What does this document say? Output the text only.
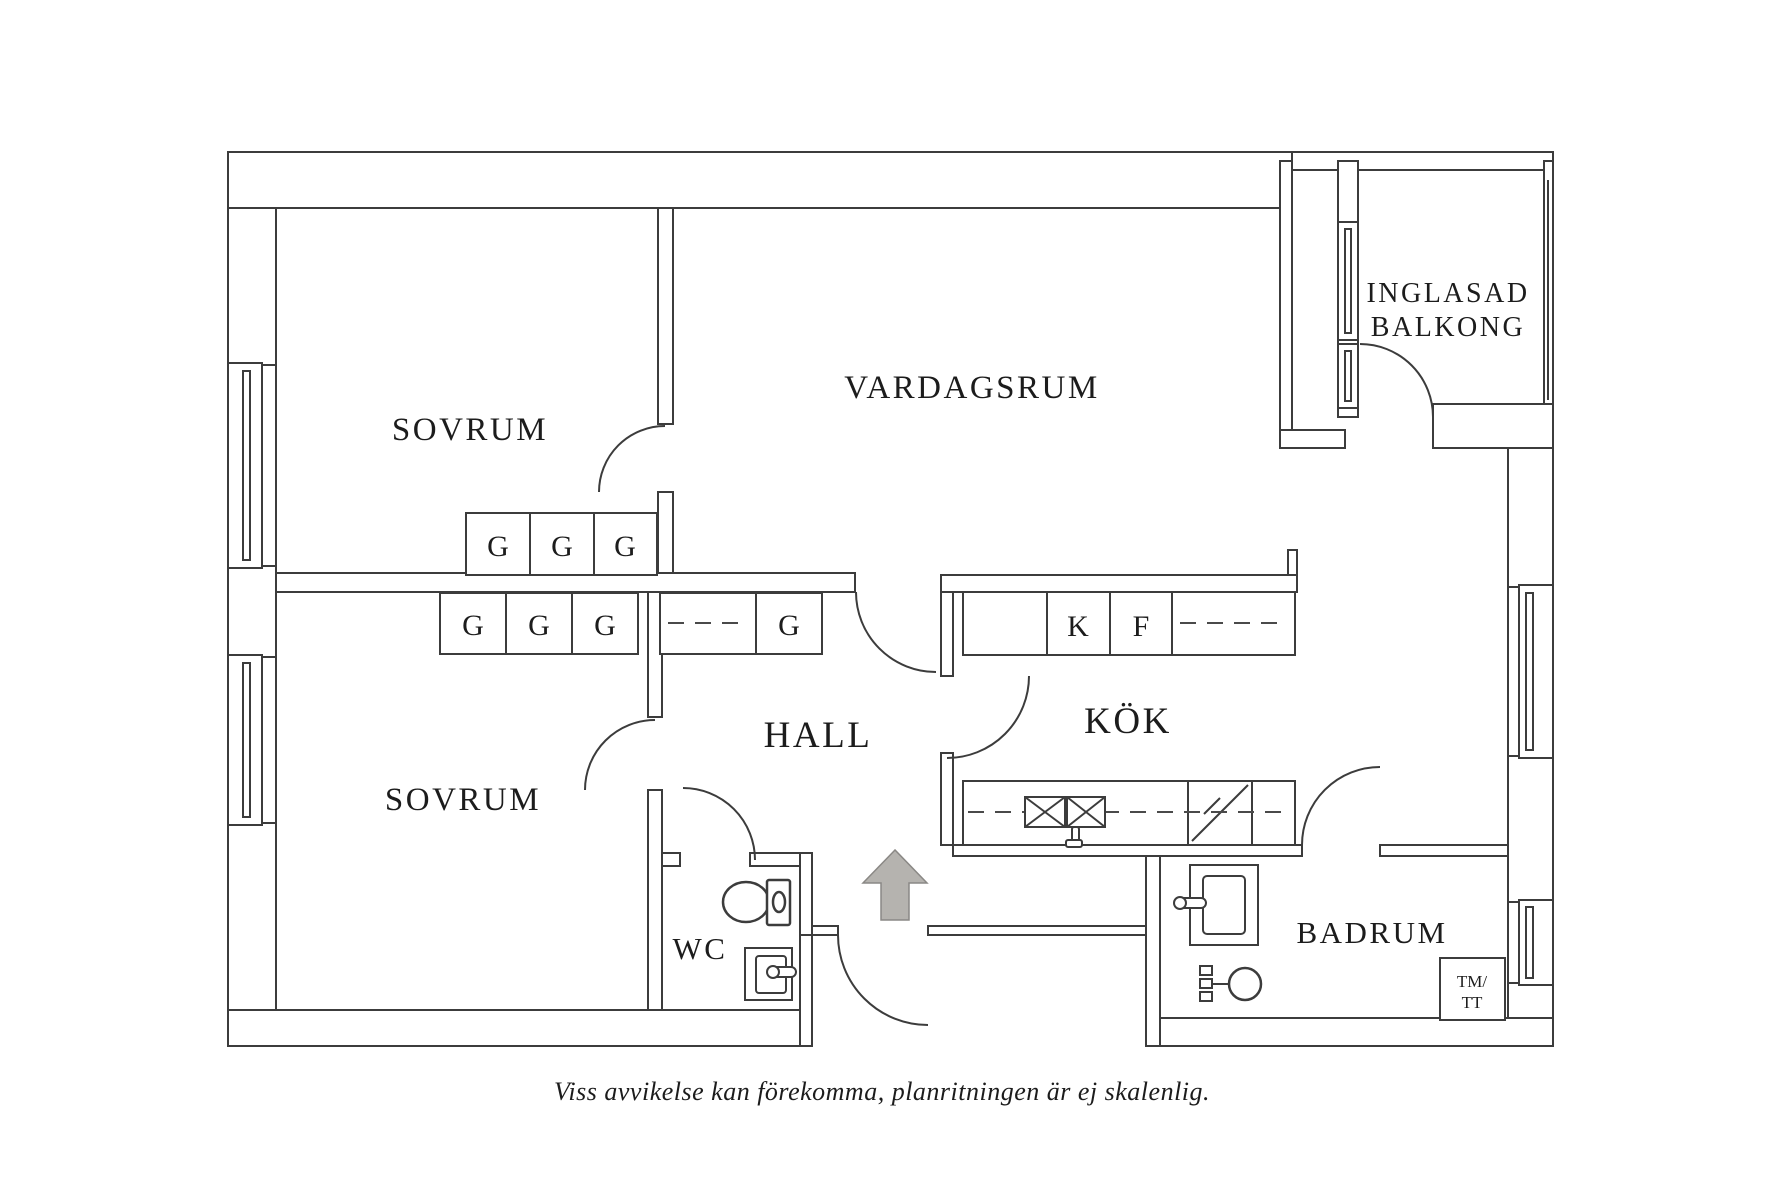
SOVRUM
VARDAGSRUM
INGLASAD
BALKONG
SOVRUM
HALL	KÖK
WC	BADRUM
G G G
G G G	G	K F
TM/
TT
Viss avvikelse kan förekomma, planritningen är ej skalenlig.
